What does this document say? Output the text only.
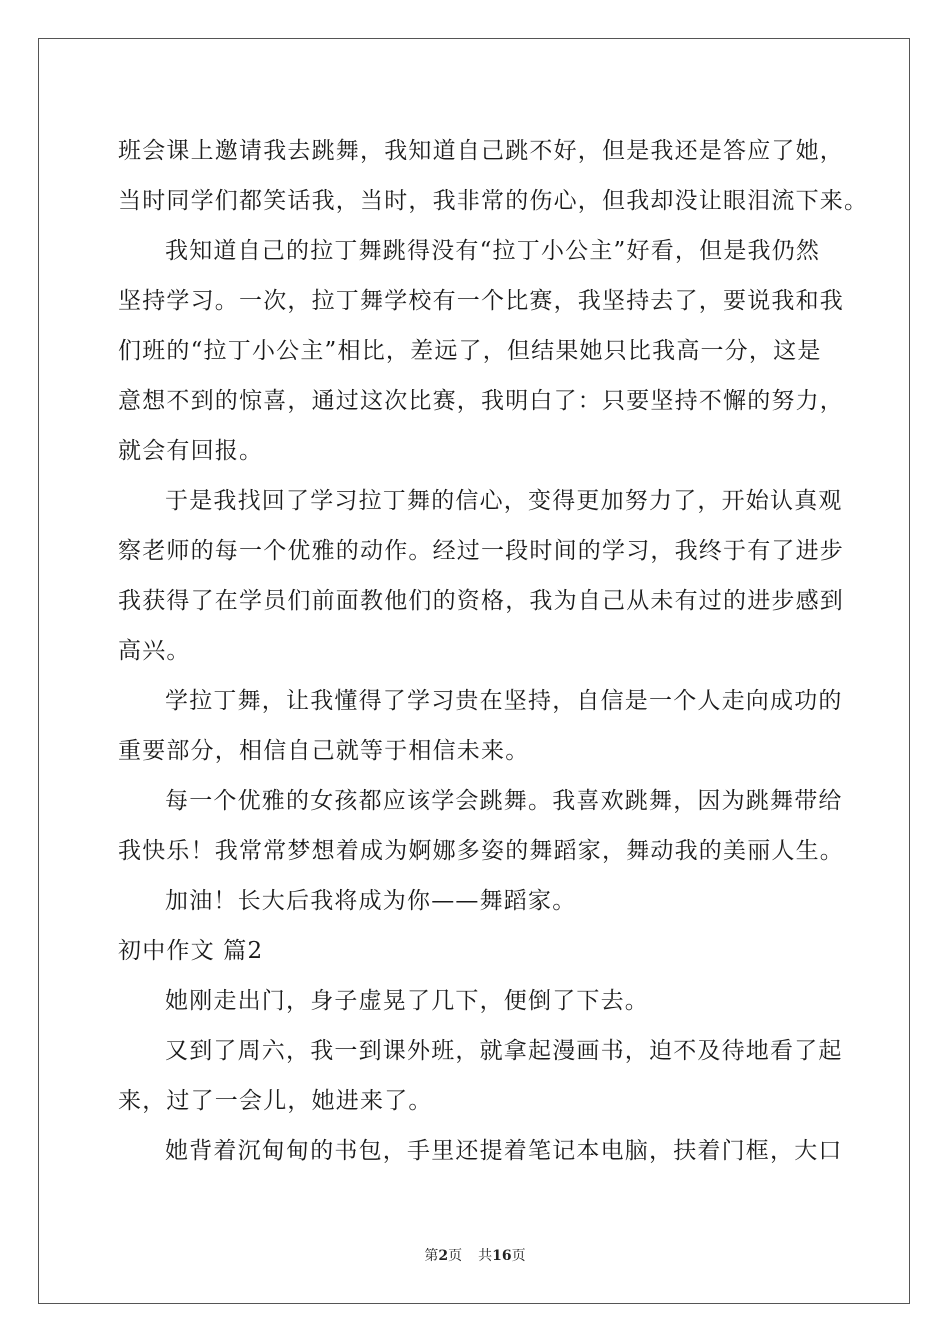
班会课上邀请我去跳舞，我知道自己跳不好，但是我还是答应了她，
当时同学们都笑话我，当时，我非常的伤心，但我却没让眼泪流下来。
我知道自己的拉丁舞跳得没有“拉丁小公主”好看，但是我仍然
坚持学习。一次，拉丁舞学校有一个比赛，我坚持去了，要说我和我
们班的“拉丁小公主”相比，差远了，但结果她只比我高一分，这是
意想不到的惊喜，通过这次比赛，我明白了：只要坚持不懈的努力，
就会有回报。
于是我找回了学习拉丁舞的信心，变得更加努力了，开始认真观
察老师的每一个优雅的动作。经过一段时间的学习，我终于有了进步
我获得了在学员们前面教他们的资格，我为自己从未有过的进步感到
高兴。
学拉丁舞，让我懂得了学习贵在坚持，自信是一个人走向成功的
重要部分，相信自己就等于相信未来。
每一个优雅的女孩都应该学会跳舞。我喜欢跳舞，因为跳舞带给
我快乐！我常常梦想着成为婀娜多姿的舞蹈家，舞动我的美丽人生。
加油！长大后我将成为你——舞蹈家。
初中作文 篇2
她刚走出门，身子虚晃了几下，便倒了下去。
又到了周六，我一到课外班，就拿起漫画书，迫不及待地看了起
来，过了一会儿，她进来了。
她背着沉甸甸的书包，手里还提着笔记本电脑，扶着门框，大口
第2页 共16页
